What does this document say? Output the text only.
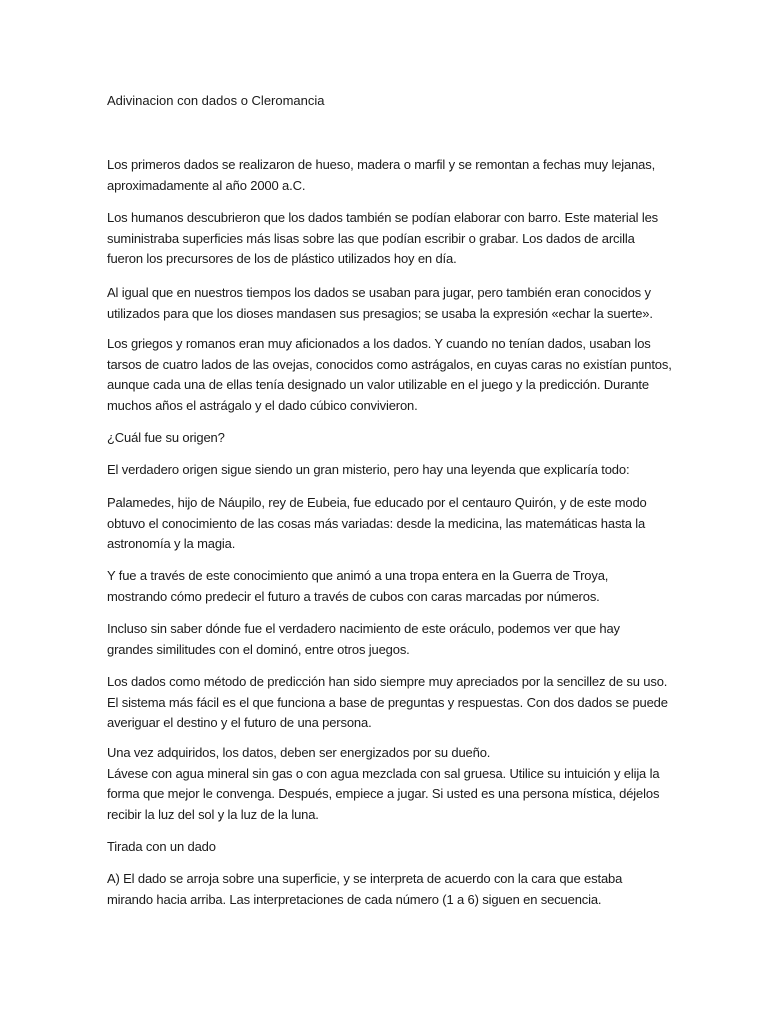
Adivinacion con dados o Cleromancia

Los primeros dados se realizaron de hueso, madera o marfil y se remontan a fechas muy lejanas,
aproximadamente al año 2000 a.C.

Los humanos descubrieron que los dados también se podían elaborar con barro. Este material les
suministraba superficies más lisas sobre las que podían escribir o grabar. Los dados de arcilla
fueron los precursores de los de plástico utilizados hoy en día.

Al igual que en nuestros tiempos los dados se usaban para jugar, pero también eran conocidos y
utilizados para que los dioses mandasen sus presagios; se usaba la expresión «echar la suerte».

Los griegos y romanos eran muy aficionados a los dados. Y cuando no tenían dados, usaban los
tarsos de cuatro lados de las ovejas, conocidos como astrágalos, en cuyas caras no existían puntos,
aunque cada una de ellas tenía designado un valor utilizable en el juego y la predicción. Durante
muchos años el astrágalo y el dado cúbico convivieron.

¿Cuál fue su origen?

El verdadero origen sigue siendo un gran misterio, pero hay una leyenda que explicaría todo:

Palamedes, hijo de Náupilo, rey de Eubeia, fue educado por el centauro Quirón, y de este modo
obtuvo el conocimiento de las cosas más variadas: desde la medicina, las matemáticas hasta la
astronomía y la magia.

Y fue a través de este conocimiento que animó a una tropa entera en la Guerra de Troya,
mostrando cómo predecir el futuro a través de cubos con caras marcadas por números.

Incluso sin saber dónde fue el verdadero nacimiento de este oráculo, podemos ver que hay
grandes similitudes con el dominó, entre otros juegos.

Los dados como método de predicción han sido siempre muy apreciados por la sencillez de su uso.
El sistema más fácil es el que funciona a base de preguntas y respuestas. Con dos dados se puede
averiguar el destino y el futuro de una persona.

Una vez adquiridos, los datos, deben ser energizados por su dueño.
Lávese con agua mineral sin gas o con agua mezclada con sal gruesa. Utilice su intuición y elija la
forma que mejor le convenga. Después, empiece a jugar. Si usted es una persona mística, déjelos
recibir la luz del sol y la luz de la luna.

Tirada con un dado

A) El dado se arroja sobre una superficie, y se interpreta de acuerdo con la cara que estaba
mirando hacia arriba. Las interpretaciones de cada número (1 a 6) siguen en secuencia.
